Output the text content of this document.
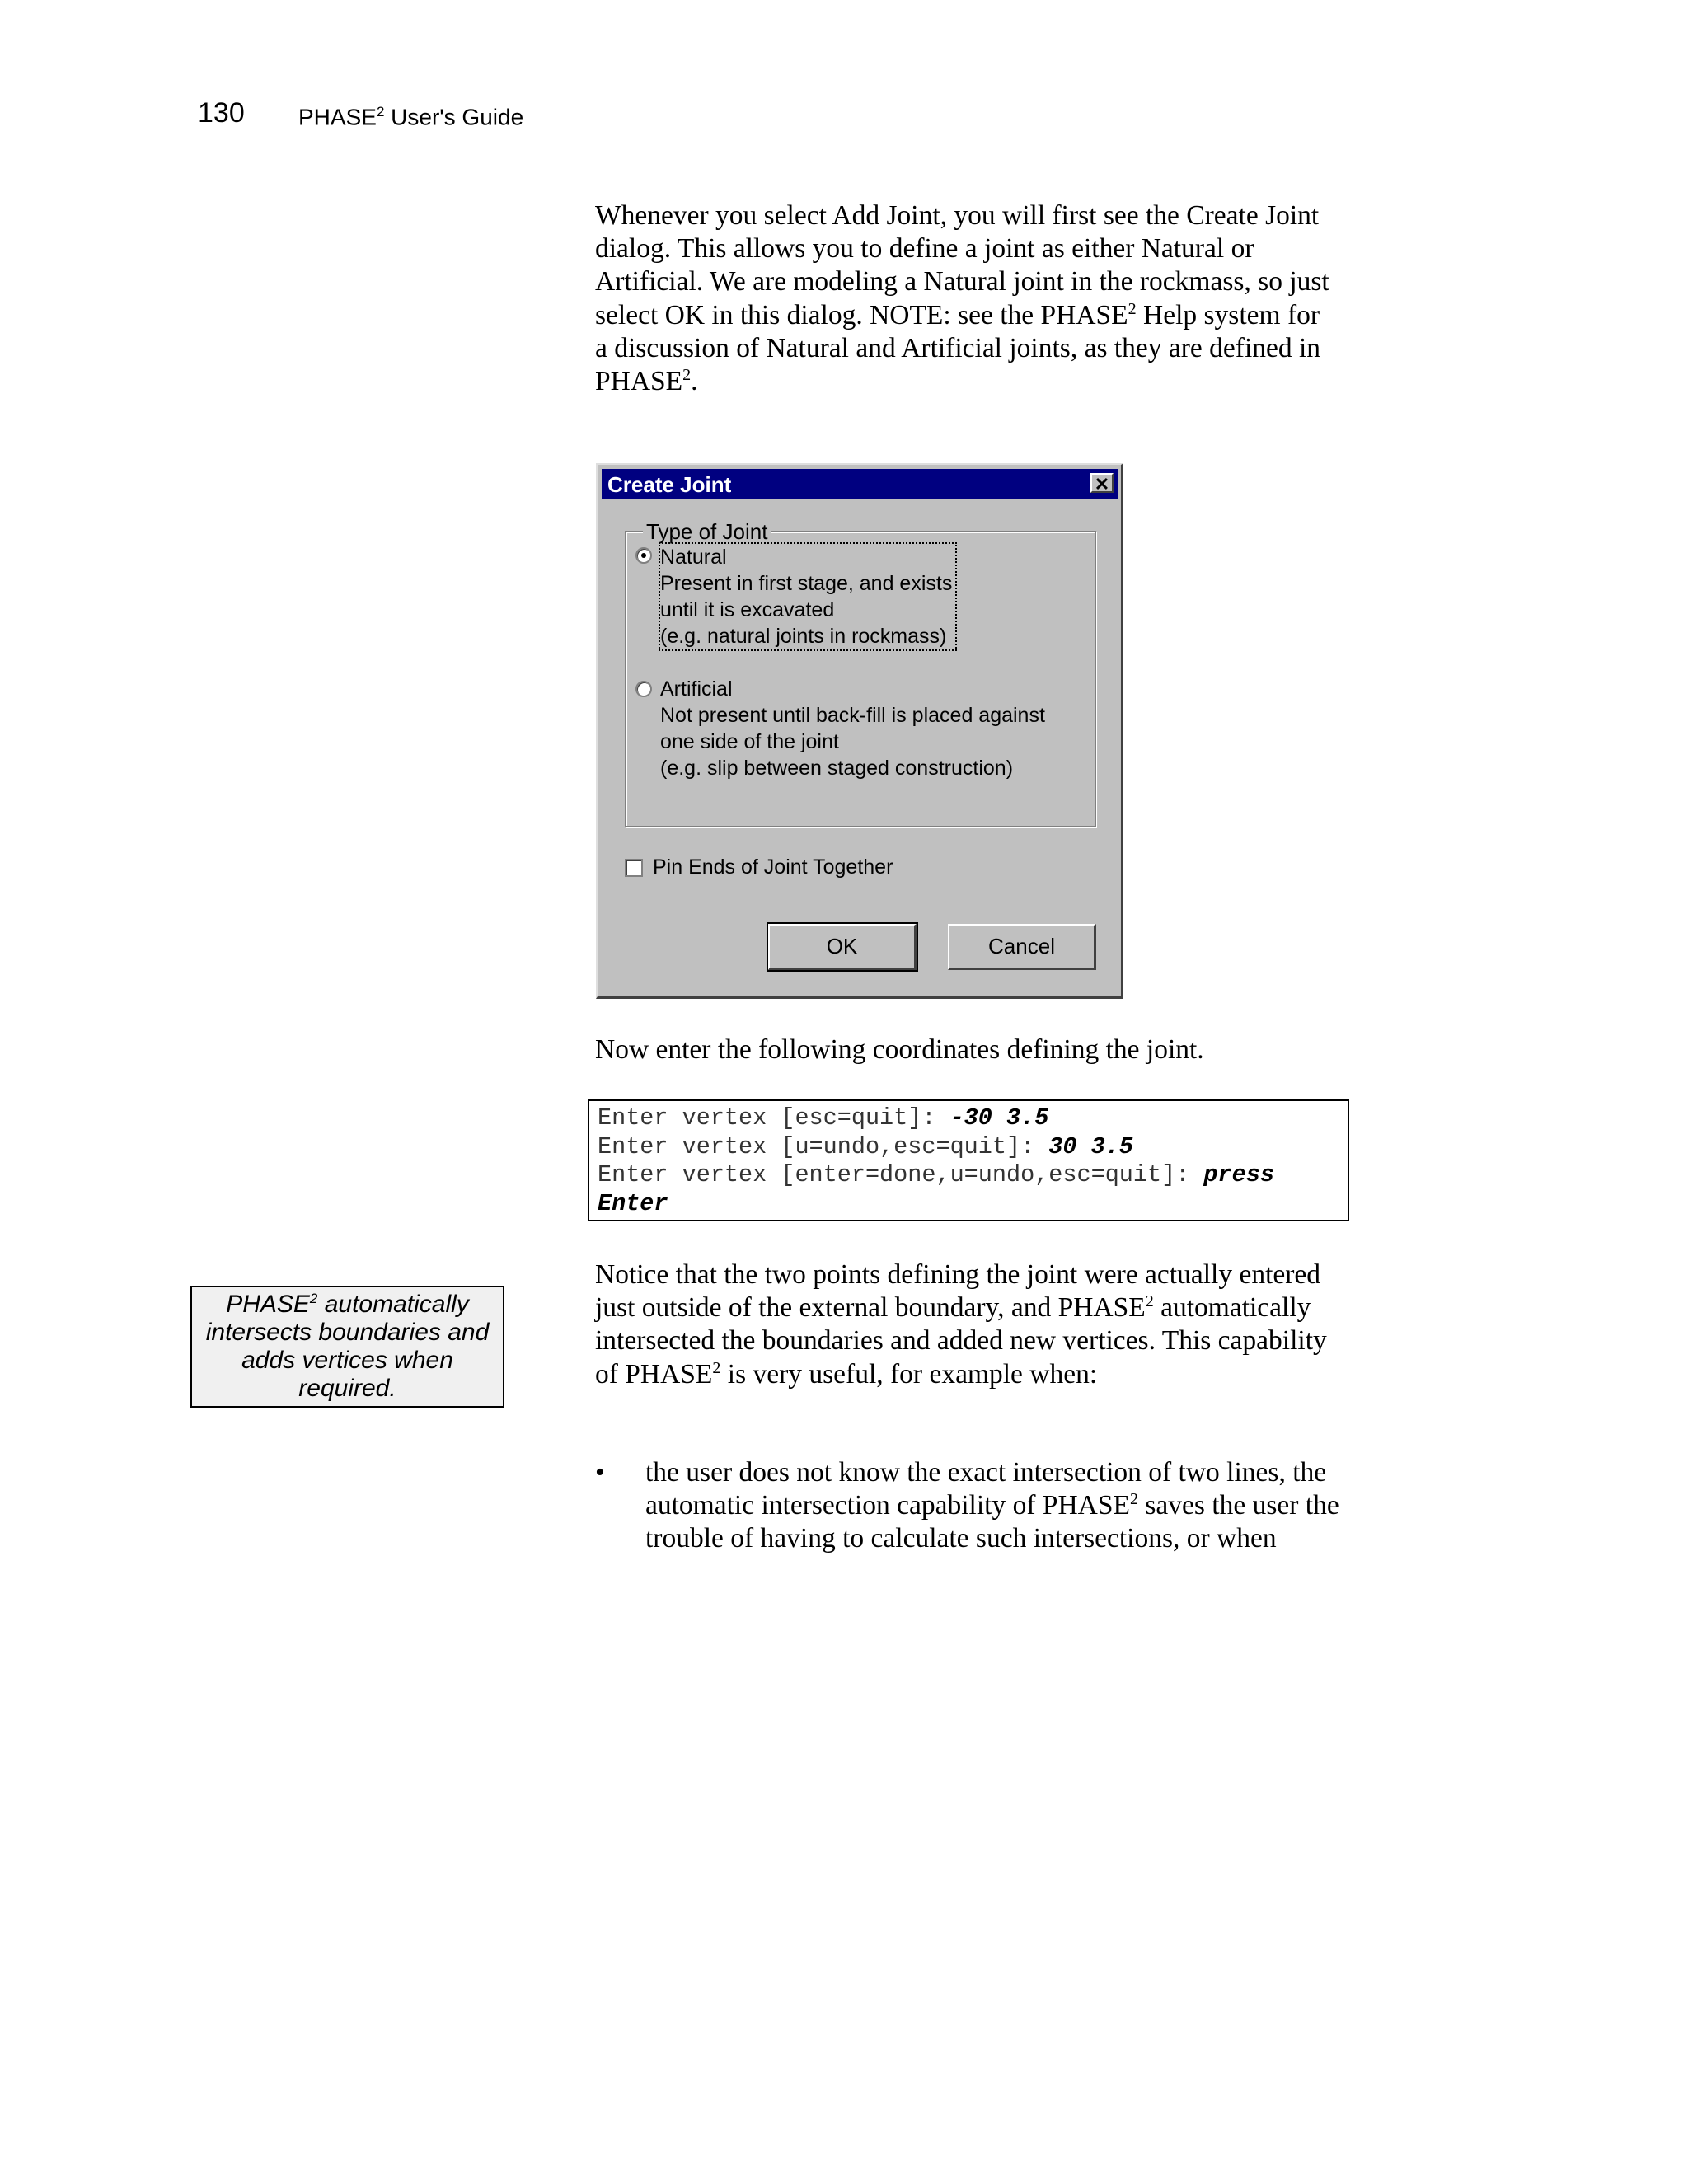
130 PHASE$^2$ User's Guide
Whenever you select Add Joint, you will first see the Create Joint dialog. This allows you to define a joint as either Natural or Artificial. We are modeling a Natural joint in the rockmass, so just select OK in this dialog. NOTE: see the PHASE$^2$ Help system for a discussion of Natural and Artificial joints, as they are defined in PHASE$^2$.
Create Joint	✕
Type of Joint
Natural
Present in first stage, and exists
until it is excavated
(e.g. natural joints in rockmass)
Artificial
Not present until back-fill is placed against
one side of the joint
(e.g. slip between staged construction)
Pin Ends of Joint Together
OK	Cancel
Now enter the following coordinates defining the joint.
Enter vertex [esc=quit]: -30 3.5
Enter vertex [u=undo,esc=quit]: 30 3.5
Enter vertex [enter=done,u=undo,esc=quit]: press
Enter
PHASE$^2$ automatically intersects boundaries and adds vertices when required.
Notice that the two points defining the joint were actually entered just outside of the external boundary, and PHASE$^2$ automatically intersected the boundaries and added new vertices. This capability of PHASE$^2$ is very useful, for example when:
• the user does not know the exact intersection of two lines, the automatic intersection capability of PHASE$^2$ saves the user the trouble of having to calculate such intersections, or when
